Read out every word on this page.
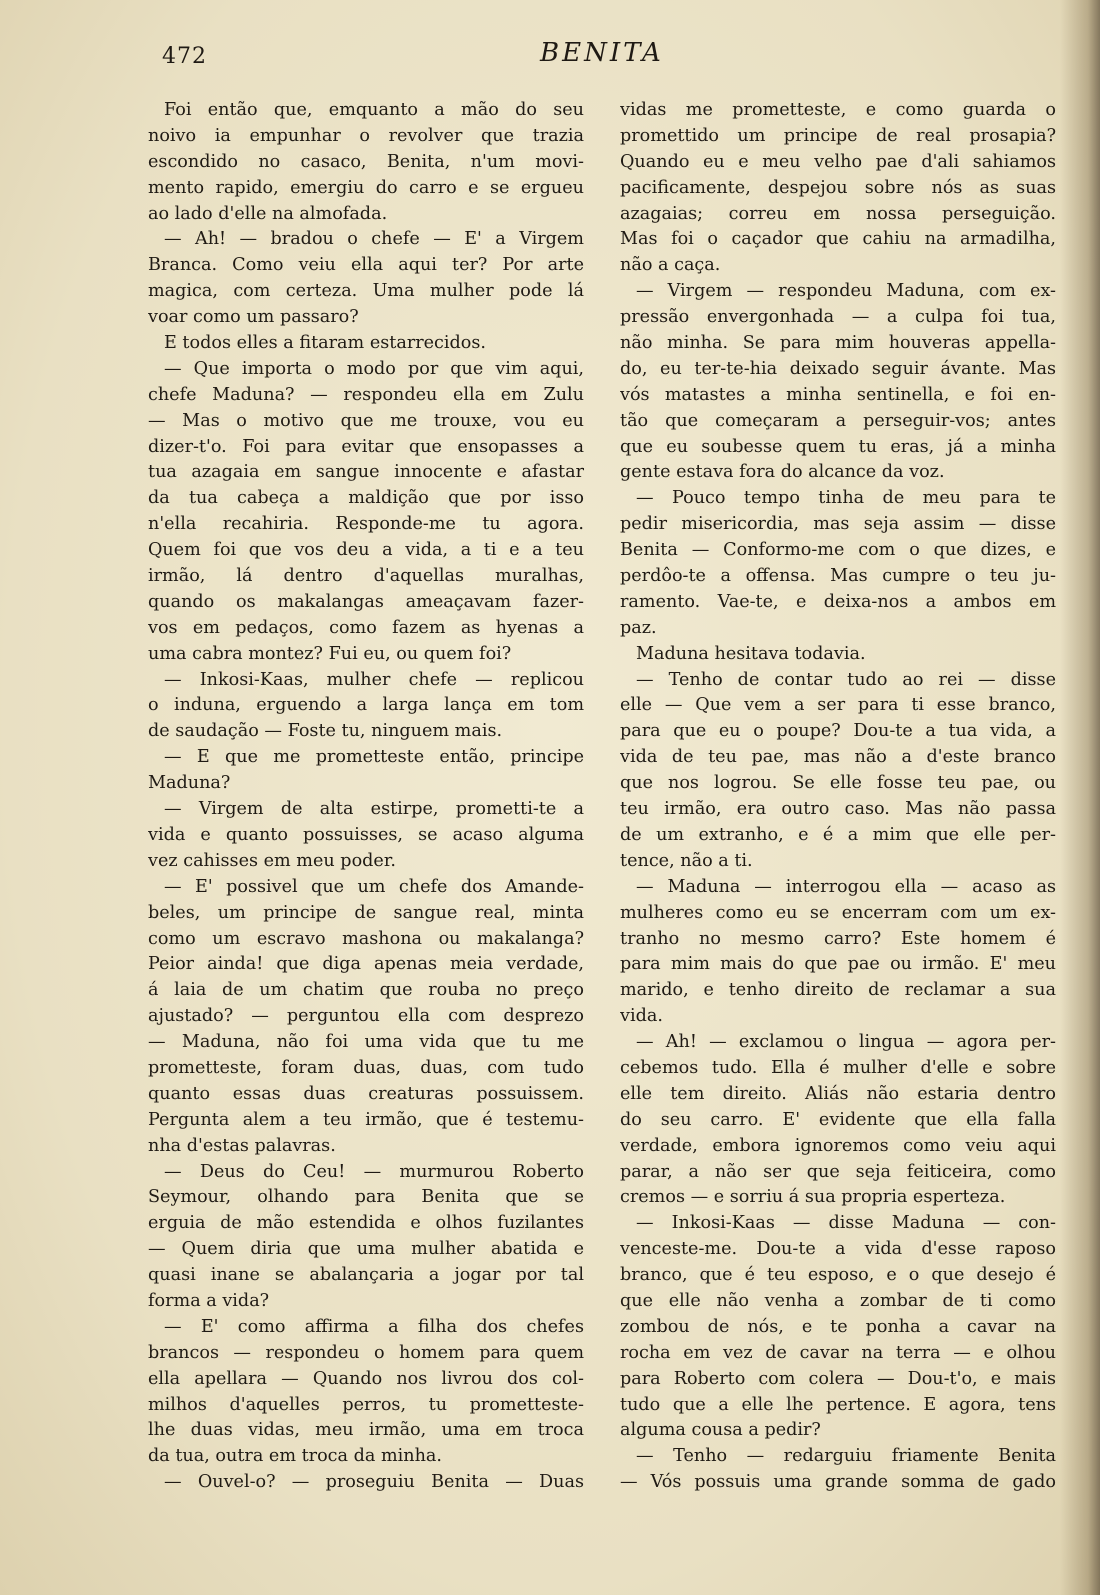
472	BENITA
Foi então que, emquanto a mão do seu
noivo ia empunhar o revolver que trazia
escondido no casaco, Benita, n'um movi-
mento rapido, emergiu do carro e se ergueu
ao lado d'elle na almofada.
— Ah! — bradou o chefe — E' a Virgem
Branca. Como veiu ella aqui ter? Por arte
magica, com certeza. Uma mulher pode lá
voar como um passaro?
E todos elles a fitaram estarrecidos.
— Que importa o modo por que vim aqui,
chefe Maduna? — respondeu ella em Zulu
— Mas o motivo que me trouxe, vou eu
dizer-t'o. Foi para evitar que ensopasses a
tua azagaia em sangue innocente e afastar
da tua cabeça a maldição que por isso
n'ella recahiria. Responde-me tu agora.
Quem foi que vos deu a vida, a ti e a teu
irmão, lá dentro d'aquellas muralhas,
quando os makalangas ameaçavam fazer-
vos em pedaços, como fazem as hyenas a
uma cabra montez? Fui eu, ou quem foi?
— Inkosi-Kaas, mulher chefe — replicou
o induna, erguendo a larga lança em tom
de saudação — Foste tu, ninguem mais.
— E que me prometteste então, principe
Maduna?
— Virgem de alta estirpe, prometti-te a
vida e quanto possuisses, se acaso alguma
vez cahisses em meu poder.
— E' possivel que um chefe dos Amande-
beles, um principe de sangue real, minta
como um escravo mashona ou makalanga?
Peior ainda! que diga apenas meia verdade,
á laia de um chatim que rouba no preço
ajustado? — perguntou ella com desprezo
— Maduna, não foi uma vida que tu me
prometteste, foram duas, duas, com tudo
quanto essas duas creaturas possuissem.
Pergunta alem a teu irmão, que é testemu-
nha d'estas palavras.
— Deus do Ceu! — murmurou Roberto
Seymour, olhando para Benita que se
erguia de mão estendida e olhos fuzilantes
— Quem diria que uma mulher abatida e
quasi inane se abalançaria a jogar por tal
forma a vida?
— E' como affirma a filha dos chefes
brancos — respondeu o homem para quem
ella apellara — Quando nos livrou dos col-
milhos d'aquelles perros, tu prometteste-
lhe duas vidas, meu irmão, uma em troca
da tua, outra em troca da minha.
— Ouvel-o? — proseguiu Benita — Duas
vidas me prometteste, e como guarda o
promettido um principe de real prosapia?
Quando eu e meu velho pae d'ali sahiamos
pacificamente, despejou sobre nós as suas
azagaias; correu em nossa perseguição.
Mas foi o caçador que cahiu na armadilha,
não a caça.
— Virgem — respondeu Maduna, com ex-
pressão envergonhada — a culpa foi tua,
não minha. Se para mim houveras appella-
do, eu ter-te-hia deixado seguir ávante. Mas
vós matastes a minha sentinella, e foi en-
tão que começaram a perseguir-vos; antes
que eu soubesse quem tu eras, já a minha
gente estava fora do alcance da voz.
— Pouco tempo tinha de meu para te
pedir misericordia, mas seja assim — disse
Benita — Conformo-me com o que dizes, e
perdôo-te a offensa. Mas cumpre o teu ju-
ramento. Vae-te, e deixa-nos a ambos em
paz.
Maduna hesitava todavia.
— Tenho de contar tudo ao rei — disse
elle — Que vem a ser para ti esse branco,
para que eu o poupe? Dou-te a tua vida, a
vida de teu pae, mas não a d'este branco
que nos logrou. Se elle fosse teu pae, ou
teu irmão, era outro caso. Mas não passa
de um extranho, e é a mim que elle per-
tence, não a ti.
— Maduna — interrogou ella — acaso as
mulheres como eu se encerram com um ex-
tranho no mesmo carro? Este homem é
para mim mais do que pae ou irmão. E' meu
marido, e tenho direito de reclamar a sua
vida.
— Ah! — exclamou o lingua — agora per-
cebemos tudo. Ella é mulher d'elle e sobre
elle tem direito. Aliás não estaria dentro
do seu carro. E' evidente que ella falla
verdade, embora ignoremos como veiu aqui
parar, a não ser que seja feiticeira, como
cremos — e sorriu á sua propria esperteza.
— Inkosi-Kaas — disse Maduna — con-
venceste-me. Dou-te a vida d'esse raposo
branco, que é teu esposo, e o que desejo é
que elle não venha a zombar de ti como
zombou de nós, e te ponha a cavar na
rocha em vez de cavar na terra — e olhou
para Roberto com colera — Dou-t'o, e mais
tudo que a elle lhe pertence. E agora, tens
alguma cousa a pedir?
— Tenho — redarguiu friamente Benita
— Vós possuis uma grande somma de gado
